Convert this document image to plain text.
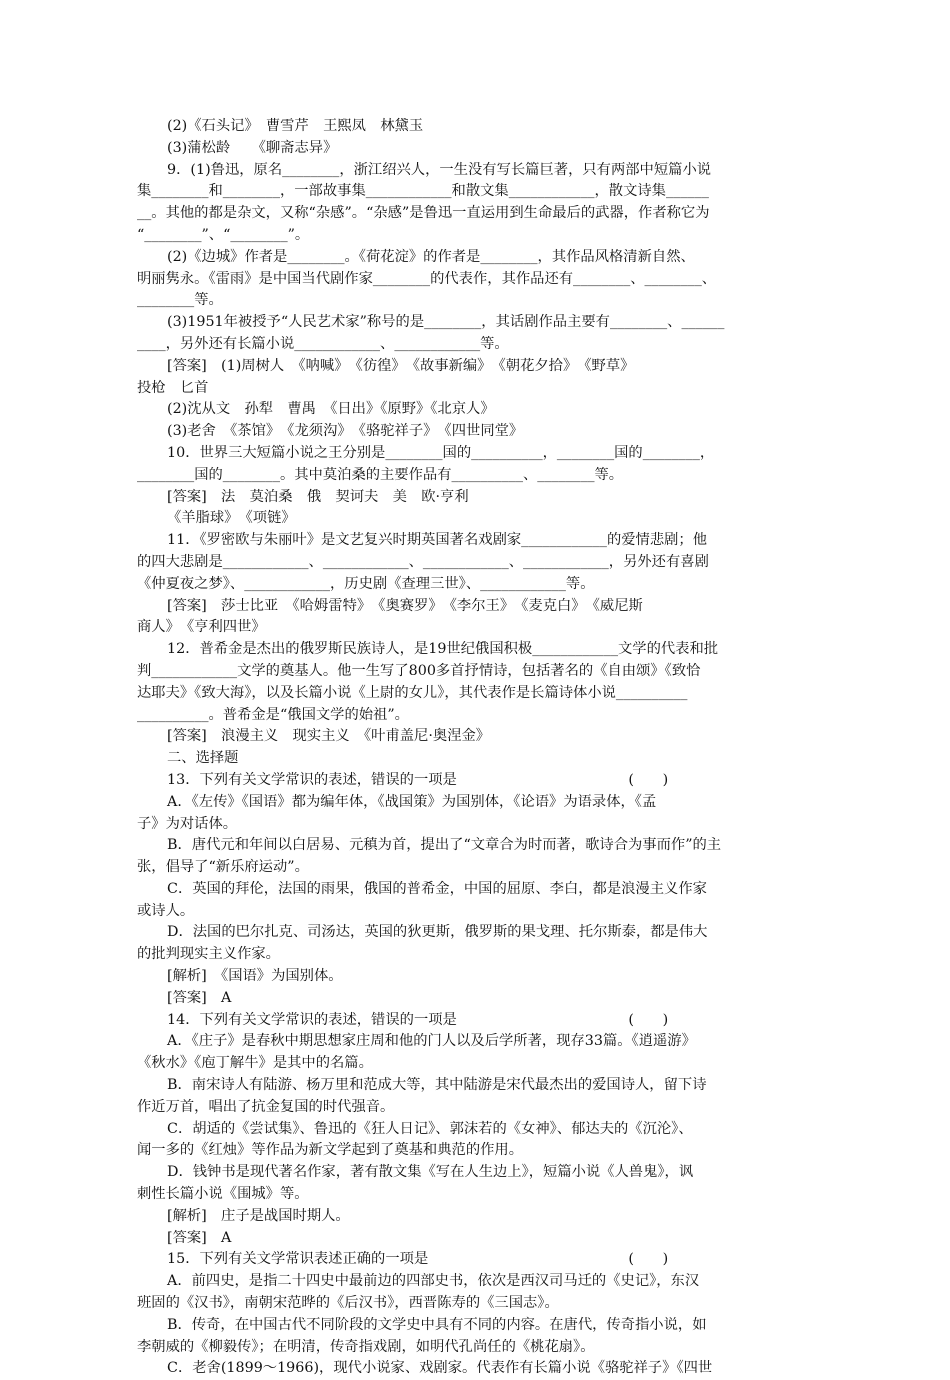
(2)《石头记》　曹雪芹　王熙凤　林黛玉
(3)蒲松龄　　《聊斋志异》
9．(1)鲁迅，原名________，浙江绍兴人，一生没有写长篇巨著，只有两部中短篇小说
集________和________，一部故事集____________和散文集____________，散文诗集______
__。其他的都是杂文，又称“杂感”。“杂感”是鲁迅一直运用到生命最后的武器，作者称它为
“________”、“________”。
(2)《边城》作者是________。《荷花淀》的作者是________，其作品风格清新自然、
明丽隽永。《雷雨》是中国当代剧作家________的代表作，其作品还有________、________、
________等。
(3)1951年被授予“人民艺术家”称号的是________，其话剧作品主要有________、______
____，另外还有长篇小说____________、____________等。
[答案]　(1)周树人　《呐喊》　《彷徨》　《故事新编》　《朝花夕拾》　《野草》
投枪　匕首
(2)沈从文　孙犁　曹禺　《日出》《原野》《北京人》
(3)老舍　《茶馆》　《龙须沟》　《骆驼祥子》　《四世同堂》
10．世界三大短篇小说之王分别是________国的__________，________国的________，
________国的________。其中莫泊桑的主要作品有__________、________等。
[答案]　法　莫泊桑　俄　契诃夫　美　欧·亨利
《羊脂球》　《项链》
11．《罗密欧与朱丽叶》是文艺复兴时期英国著名戏剧家____________的爱情悲剧；他
的四大悲剧是____________、____________、____________、____________，另外还有喜剧
《仲夏夜之梦》、____________，历史剧《查理三世》、____________等。
[答案]　莎士比亚　《哈姆雷特》　《奥赛罗》　《李尔王》　《麦克白》　《威尼斯
商人》　《亨利四世》
12．普希金是杰出的俄罗斯民族诗人，是19世纪俄国积极____________文学的代表和批
判____________文学的奠基人。他一生写了800多首抒情诗，包括著名的《自由颂》《致恰
达耶夫》《致大海》，以及长篇小说《上尉的女儿》，其代表作是长篇诗体小说__________
__________。普希金是“俄国文学的始祖”。
[答案]　浪漫主义　现实主义　《叶甫盖尼·奥涅金》
二、选择题
13．下列有关文学常识的表述，错误的一项是　　　　　　　　　　　　(　　)
A．《左传》《国语》都为编年体，《战国策》为国别体，《论语》为语录体，《孟
子》为对话体。
B．唐代元和年间以白居易、元稹为首，提出了“文章合为时而著，歌诗合为事而作”的主
张，倡导了“新乐府运动”。
C．英国的拜伦，法国的雨果，俄国的普希金，中国的屈原、李白，都是浪漫主义作家
或诗人。
D．法国的巴尔扎克、司汤达，英国的狄更斯，俄罗斯的果戈理、托尔斯泰，都是伟大
的批判现实主义作家。
[解析]　《国语》为国别体。
[答案]　A
14．下列有关文学常识的表述，错误的一项是　　　　　　　　　　　　(　　)
A．《庄子》是春秋中期思想家庄周和他的门人以及后学所著，现存33篇。《逍遥游》
《秋水》《庖丁解牛》是其中的名篇。
B．南宋诗人有陆游、杨万里和范成大等，其中陆游是宋代最杰出的爱国诗人，留下诗
作近万首，唱出了抗金复国的时代强音。
C．胡适的《尝试集》、鲁迅的《狂人日记》、郭沫若的《女神》、郁达夫的《沉沦》、
闻一多的《红烛》等作品为新文学起到了奠基和典范的作用。
D．钱钟书是现代著名作家，著有散文集《写在人生边上》，短篇小说《人兽鬼》，讽
刺性长篇小说《围城》等。
[解析]　庄子是战国时期人。
[答案]　A
15．下列有关文学常识表述正确的一项是　　　　　　　　　　　　　　(　　)
A．前四史，是指二十四史中最前边的四部史书，依次是西汉司马迁的《史记》，东汉
班固的《汉书》，南朝宋范晔的《后汉书》，西晋陈寿的《三国志》。
B．传奇，在中国古代不同阶段的文学史中具有不同的内容。在唐代，传奇指小说，如
李朝威的《柳毅传》；在明清，传奇指戏剧，如明代孔尚任的《桃花扇》。
C．老舍(1899～1966)，现代小说家、戏剧家。代表作有长篇小说《骆驼祥子》《四世
